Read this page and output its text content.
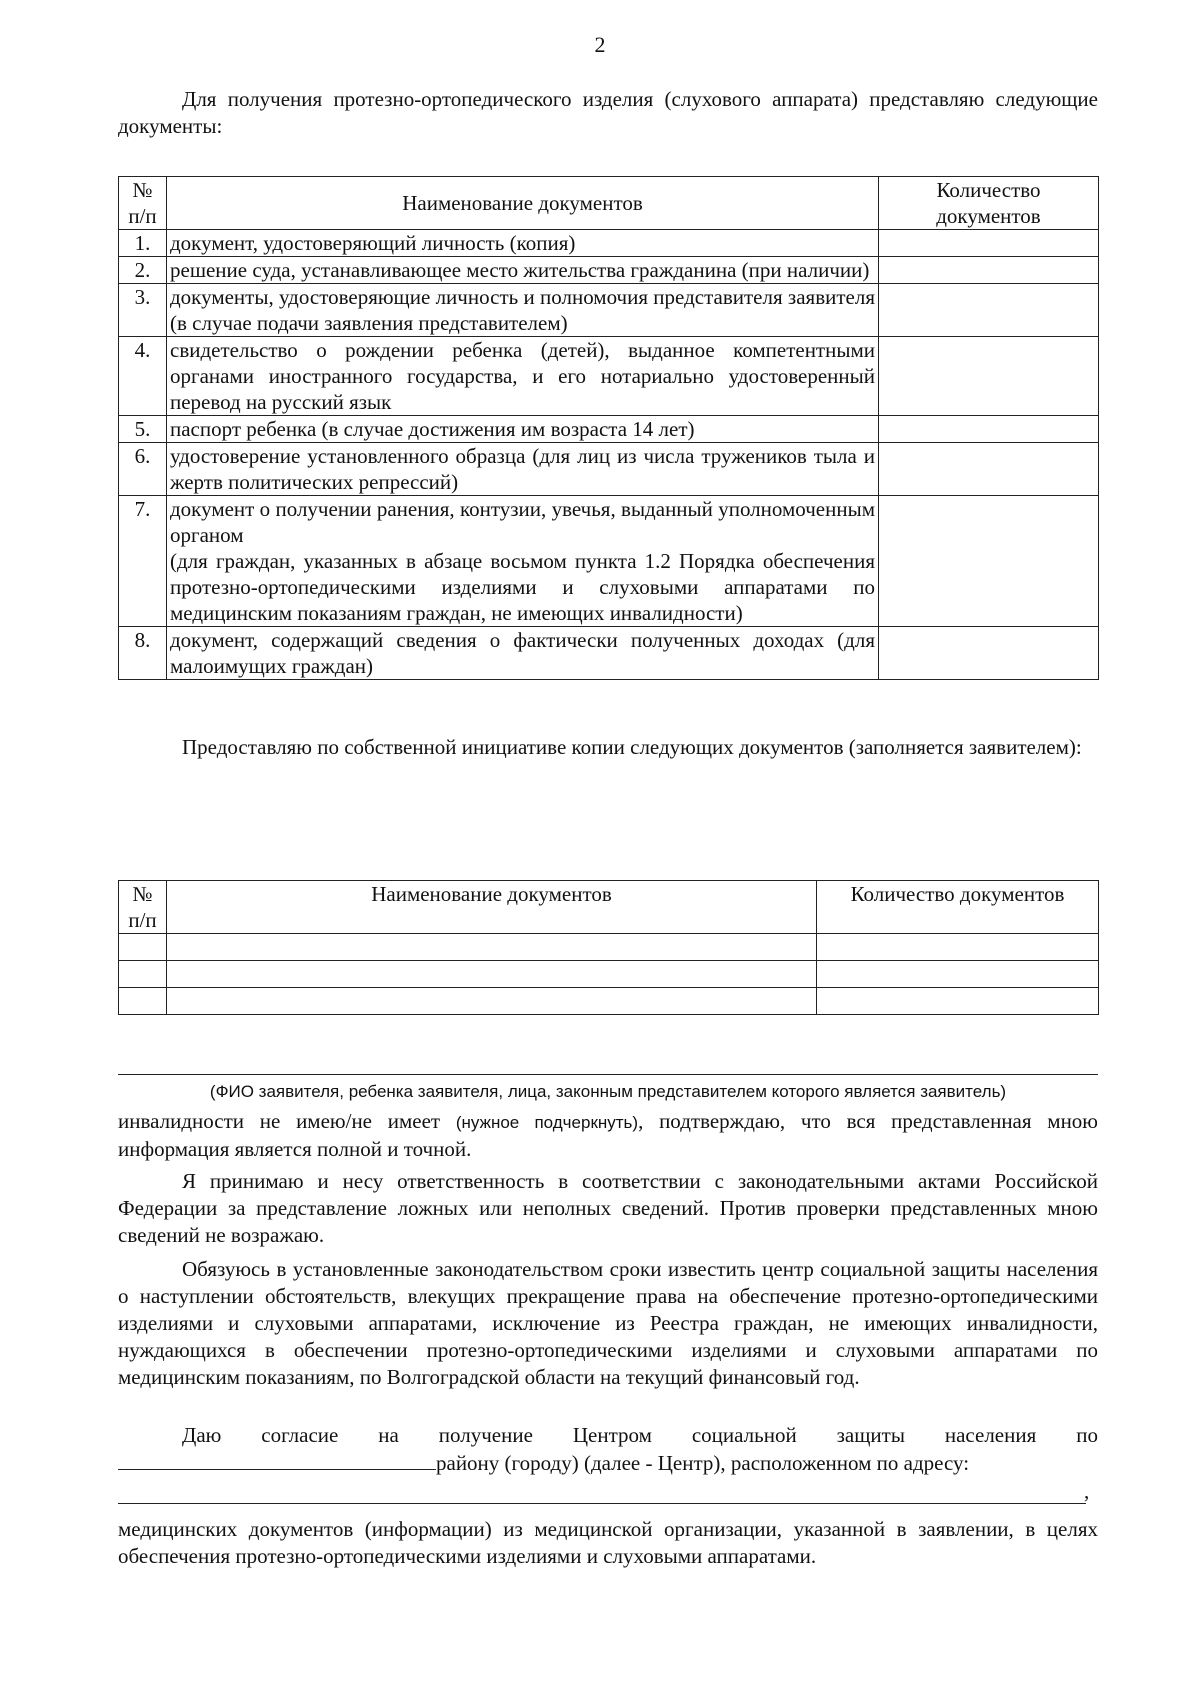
2

Для получения протезно-ортопедического изделия (слухового аппарата) представляю следующие документы:

№ п/п	Наименование документов	Количество документов
1.	документ, удостоверяющий личность (копия)	
2.	решение суда, устанавливающее место жительства гражданина (при наличии)	
3.	документы, удостоверяющие личность и полномочия представителя заявителя (в случае подачи заявления представителем)	
4.	свидетельство о рождении ребенка (детей), выданное компетентными органами иностранного государства, и его нотариально удостоверенный перевод на русский язык	
5.	паспорт ребенка (в случае достижения им возраста 14 лет)	
6.	удостоверение установленного образца (для лиц из числа тружеников тыла и жертв политических репрессий)	
7.	документ о получении ранения, контузии, увечья, выданный уполномоченным органом
(для граждан, указанных в абзаце восьмом пункта 1.2 Порядка обеспечения протезно-ортопедическими изделиями и слуховыми аппаратами по медицинским показаниям граждан, не имеющих инвалидности)	

8.	документ, содержащий сведения о фактически полученных доходах (для малоимущих граждан)	

Предоставляю по собственной инициативе копии следующих документов (заполняется заявителем):

№ п/п	Наименование документов	Количество документов

(ФИО заявителя, ребенка заявителя, лица, законным представителем которого является заявитель)

инвалидности не имею/не имеет (нужное подчеркнуть), подтверждаю, что вся представленная мною информация является полной и точной.

Я принимаю и несу ответственность в соответствии с законодательными актами Российской Федерации за представление ложных или неполных сведений. Против проверки представленных мною сведений не возражаю.

Обязуюсь в установленные законодательством сроки известить центр социальной защиты населения о наступлении обстоятельств, влекущих прекращение права на обеспечение протезно-ортопедическими изделиями и слуховыми аппаратами, исключение из Реестра граждан, не имеющих инвалидности, нуждающихся в обеспечении протезно-ортопедическими изделиями и слуховыми аппаратами по медицинским показаниям, по Волгоградской области на текущий финансовый год.

Даю согласие на получение Центром социальной защиты населения по

району (городу) (далее - Центр), расположенном по адресу:

,

медицинских документов (информации) из медицинской организации, указанной в заявлении, в целях обеспечения протезно-ортопедическими изделиями и слуховыми аппаратами.
